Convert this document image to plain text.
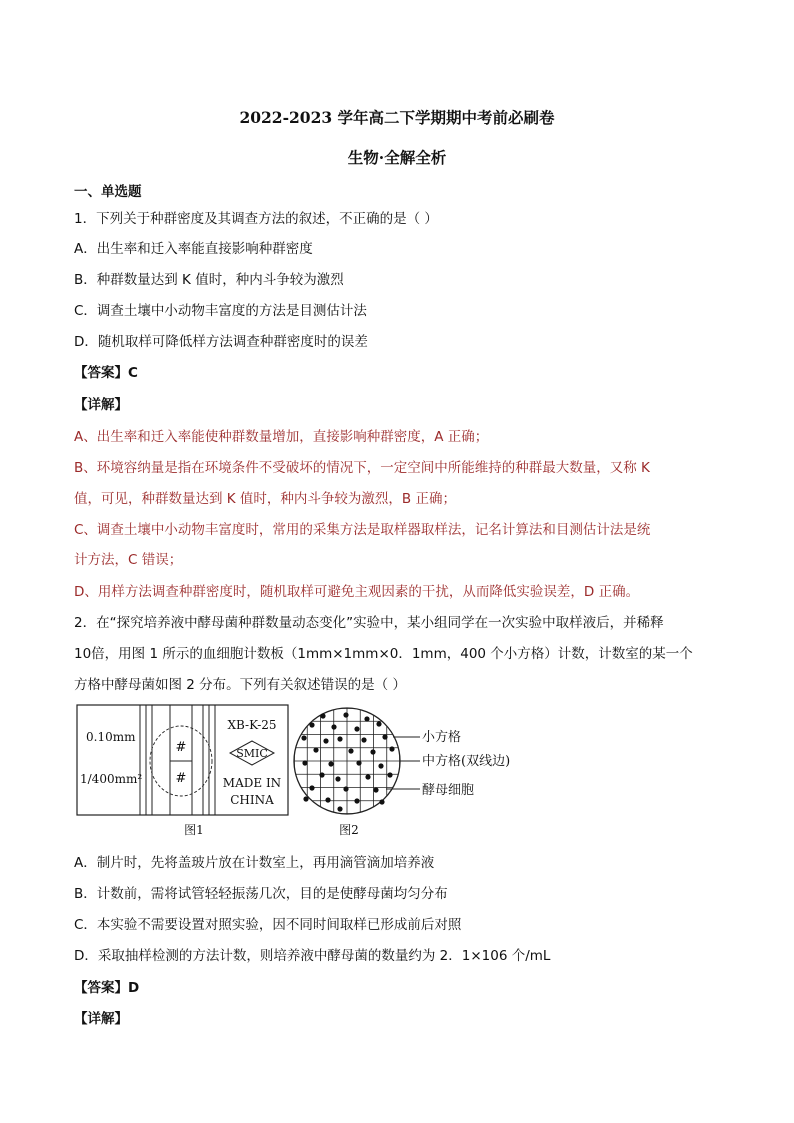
2022-2023 学年高二下学期期中考前必刷卷
生物·全解全析
一、单选题
1．下列关于种群密度及其调查方法的叙述，不正确的是（ ）
A．出生率和迁入率能直接影响种群密度
B．种群数量达到 K 值时，种内斗争较为激烈
C．调查土壤中小动物丰富度的方法是目测估计法
D．随机取样可降低样方法调查种群密度时的误差
【答案】C
【详解】
A、出生率和迁入率能使种群数量增加，直接影响种群密度，A 正确；
B、环境容纳量是指在环境条件不受破坏的情况下，一定空间中所能维持的种群最大数量，又称 K
值，可见，种群数量达到 K 值时，种内斗争较为激烈，B 正确；
C、调查土壤中小动物丰富度时，常用的采集方法是取样器取样法，记名计算法和目测估计法是统
计方法，C 错误；
D、用样方法调查种群密度时，随机取样可避免主观因素的干扰，从而降低实验误差，D 正确。
2．在“探究培养液中酵母菌种群数量动态变化”实验中，某小组同学在一次实验中取样液后，并稀释
10倍，用图 1 所示的血细胞计数板（1mm×1mm×0．1mm，400 个小方格）计数，计数室的某一个
方格中酵母菌如图 2 分布。下列有关叙述错误的是（ ）
#
#
0.10mm
1/400mm²
XB-K-25
SMIC
MADE IN
CHINA
图1
小方格
中方格(双线边)
酵母细胞
图2
A．制片时，先将盖玻片放在计数室上，再用滴管滴加培养液
B．计数前，需将试管轻轻振荡几次，目的是使酵母菌均匀分布
C．本实验不需要设置对照实验，因不同时间取样已形成前后对照
D．采取抽样检测的方法计数，则培养液中酵母菌的数量约为 2．1×106 个/mL
【答案】D
【详解】
